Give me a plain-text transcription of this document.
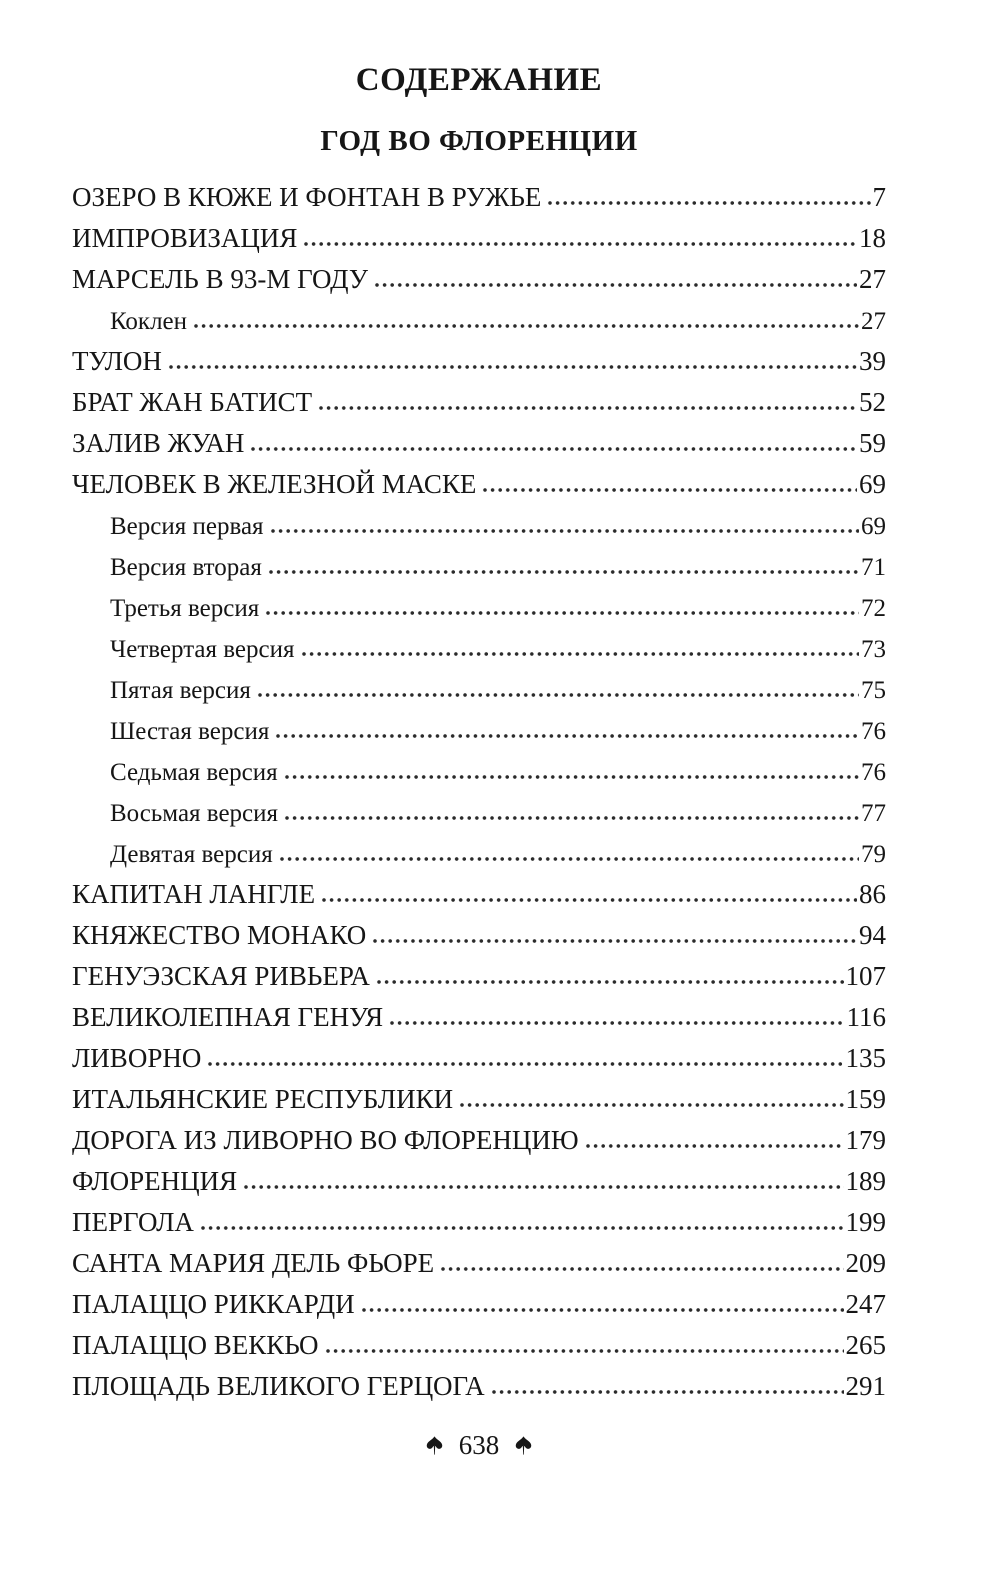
СОДЕРЖАНИЕ
ГОД ВО ФЛОРЕНЦИИ
ОЗЕРО В КЮЖЕ И ФОНТАН В РУЖЬЕ	7
ИМПРОВИЗАЦИЯ	18
МАРСЕЛЬ В 93-М ГОДУ	27
Коклен	27
ТУЛОН	39
БРАТ ЖАН БАТИСТ	52
ЗАЛИВ ЖУАН	59
ЧЕЛОВЕК В ЖЕЛЕЗНОЙ МАСКЕ	69
Версия первая	69
Версия вторая	71
Третья версия	72
Четвертая версия	73
Пятая версия	75
Шестая версия	76
Седьмая версия	76
Восьмая версия	77
Девятая версия	79
КАПИТАН ЛАНГЛЕ	86
КНЯЖЕСТВО МОНАКО	94
ГЕНУЭЗСКАЯ РИВЬЕРА	107
ВЕЛИКОЛЕПНАЯ ГЕНУЯ	116
ЛИВОРНО	135
ИТАЛЬЯНСКИЕ РЕСПУБЛИКИ	159
ДОРОГА ИЗ ЛИВОРНО ВО ФЛОРЕНЦИЮ	179
ФЛОРЕНЦИЯ	189
ПЕРГОЛА	199
САНТА МАРИЯ ДЕЛЬ ФЬОРЕ	209
ПАЛАЦЦО РИККАРДИ	247
ПАЛАЦЦО ВЕККЬО	265
ПЛОЩАДЬ ВЕЛИКОГО ГЕРЦОГА	291
638
